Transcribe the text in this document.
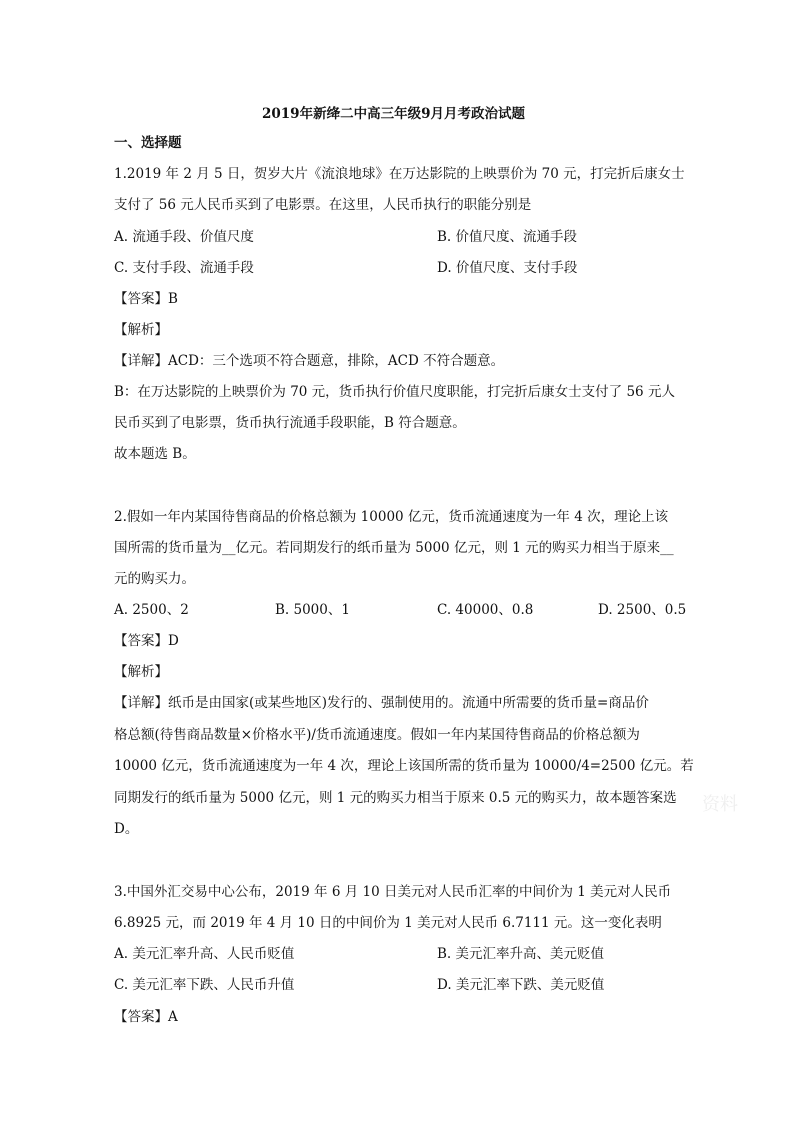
2019年新绛二中高三年级9月月考政治试题
一、选择题
1.2019 年 2 月 5 日，贺岁大片《流浪地球》在万达影院的上映票价为 70 元，打完折后康女士
支付了 56 元人民币买到了电影票。在这里，人民币执行的职能分别是
A. 流通手段、价值尺度	B. 价值尺度、流通手段
C. 支付手段、流通手段	D. 价值尺度、支付手段
【答案】B
【解析】
【详解】ACD：三个选项不符合题意，排除，ACD 不符合题意。
B：在万达影院的上映票价为 70 元，货币执行价值尺度职能，打完折后康女士支付了 56 元人
民币买到了电影票，货币执行流通手段职能，B 符合题意。
故本题选 B。
2.假如一年内某国待售商品的价格总额为 10000 亿元，货币流通速度为一年 4 次，理论上该
国所需的货币量为__亿元。若同期发行的纸币量为 5000 亿元，则 1 元的购买力相当于原来__
元的购买力。
A. 2500、2	B. 5000、1	C. 40000、0.8	D. 2500、0.5
【答案】D
【解析】
【详解】纸币是由国家(或某些地区)发行的、强制使用的。流通中所需要的货币量=商品价
格总额(待售商品数量×价格水平)/货币流通速度。假如一年内某国待售商品的价格总额为
10000 亿元，货币流通速度为一年 4 次，理论上该国所需的货币量为 10000/4=2500 亿元。若
同期发行的纸币量为 5000 亿元，则 1 元的购买力相当于原来 0.5 元的购买力，故本题答案选
D。
3.中国外汇交易中心公布，2019 年 6 月 10 日美元对人民币汇率的中间价为 1 美元对人民币
6.8925 元，而 2019 年 4 月 10 日的中间价为 1 美元对人民币 6.7111 元。这一变化表明
A. 美元汇率升高、人民币贬值	B. 美元汇率升高、美元贬值
C. 美元汇率下跌、人民币升值	D. 美元汇率下跌、美元贬值
【答案】A
资料
